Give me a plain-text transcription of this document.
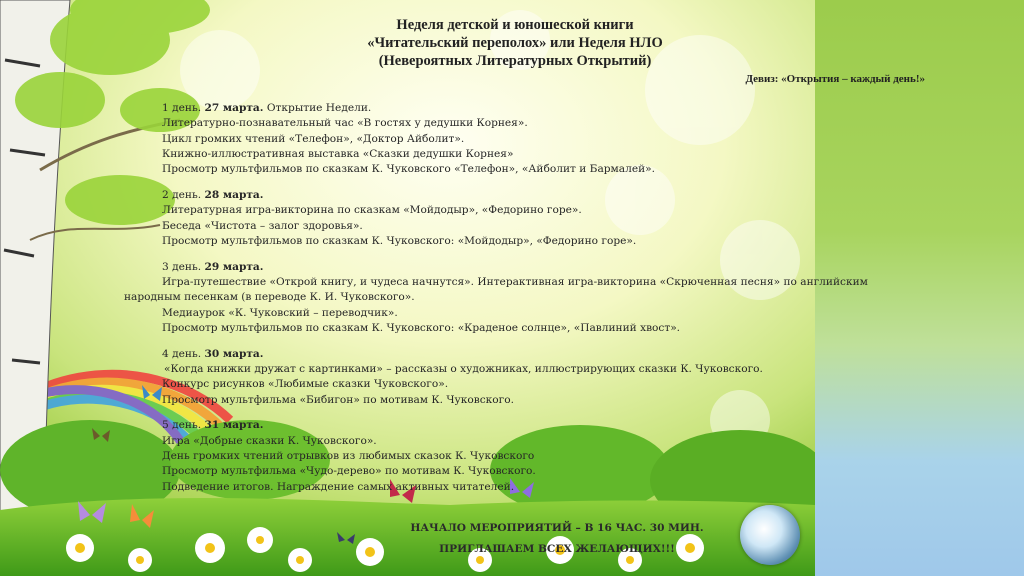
Неделя детской и юношеской книги
«Читательский переполох» или Неделя НЛО
(Невероятных Литературных Открытий)
Девиз: «Открытия – каждый день!»
1 день. 27 марта. Открытие Недели.
Литературно-познавательный час «В гостях у дедушки Корнея».
Цикл громких чтений «Телефон», «Доктор Айболит».
Книжно-иллюстративная выставка «Сказки дедушки Корнея»
Просмотр мультфильмов по сказкам К. Чуковского «Телефон», «Айболит и Бармалей».
2 день. 28 марта.
Литературная игра-викторина по сказкам «Мойдодыр», «Федорино горе».
Беседа «Чистота – залог здоровья».
Просмотр мультфильмов по сказкам К. Чуковского: «Мойдодыр», «Федорино горе».
3 день. 29 марта.
Игра-путешествие «Открой книгу, и чудеса начнутся». Интерактивная игра-викторина «Скрюченная песня» по английским
народным песенкам (в переводе К. И. Чуковского».
Медиаурок «К. Чуковский – переводчик».
Просмотр мультфильмов по сказкам К. Чуковского: «Краденое солнце», «Павлиний хвост».
4 день. 30 марта.
«Когда книжки дружат с картинками» – рассказы о художниках, иллюстрирующих сказки К. Чуковского.
Конкурс рисунков «Любимые сказки Чуковского».
Просмотр мультфильма «Бибигон» по мотивам К. Чуковского.
5 день. 31 марта.
Игра «Добрые сказки К. Чуковского».
День громких чтений отрывков из любимых сказок К. Чуковского
Просмотр мультфильма «Чудо-дерево» по мотивам К. Чуковского.
Подведение итогов. Награждение самых активных читателей.
НАЧАЛО МЕРОПРИЯТИЙ – В 16 ЧАС. 30 МИН.
ПРИГЛАШАЕМ ВСЕХ ЖЕЛАЮЩИХ!!!
